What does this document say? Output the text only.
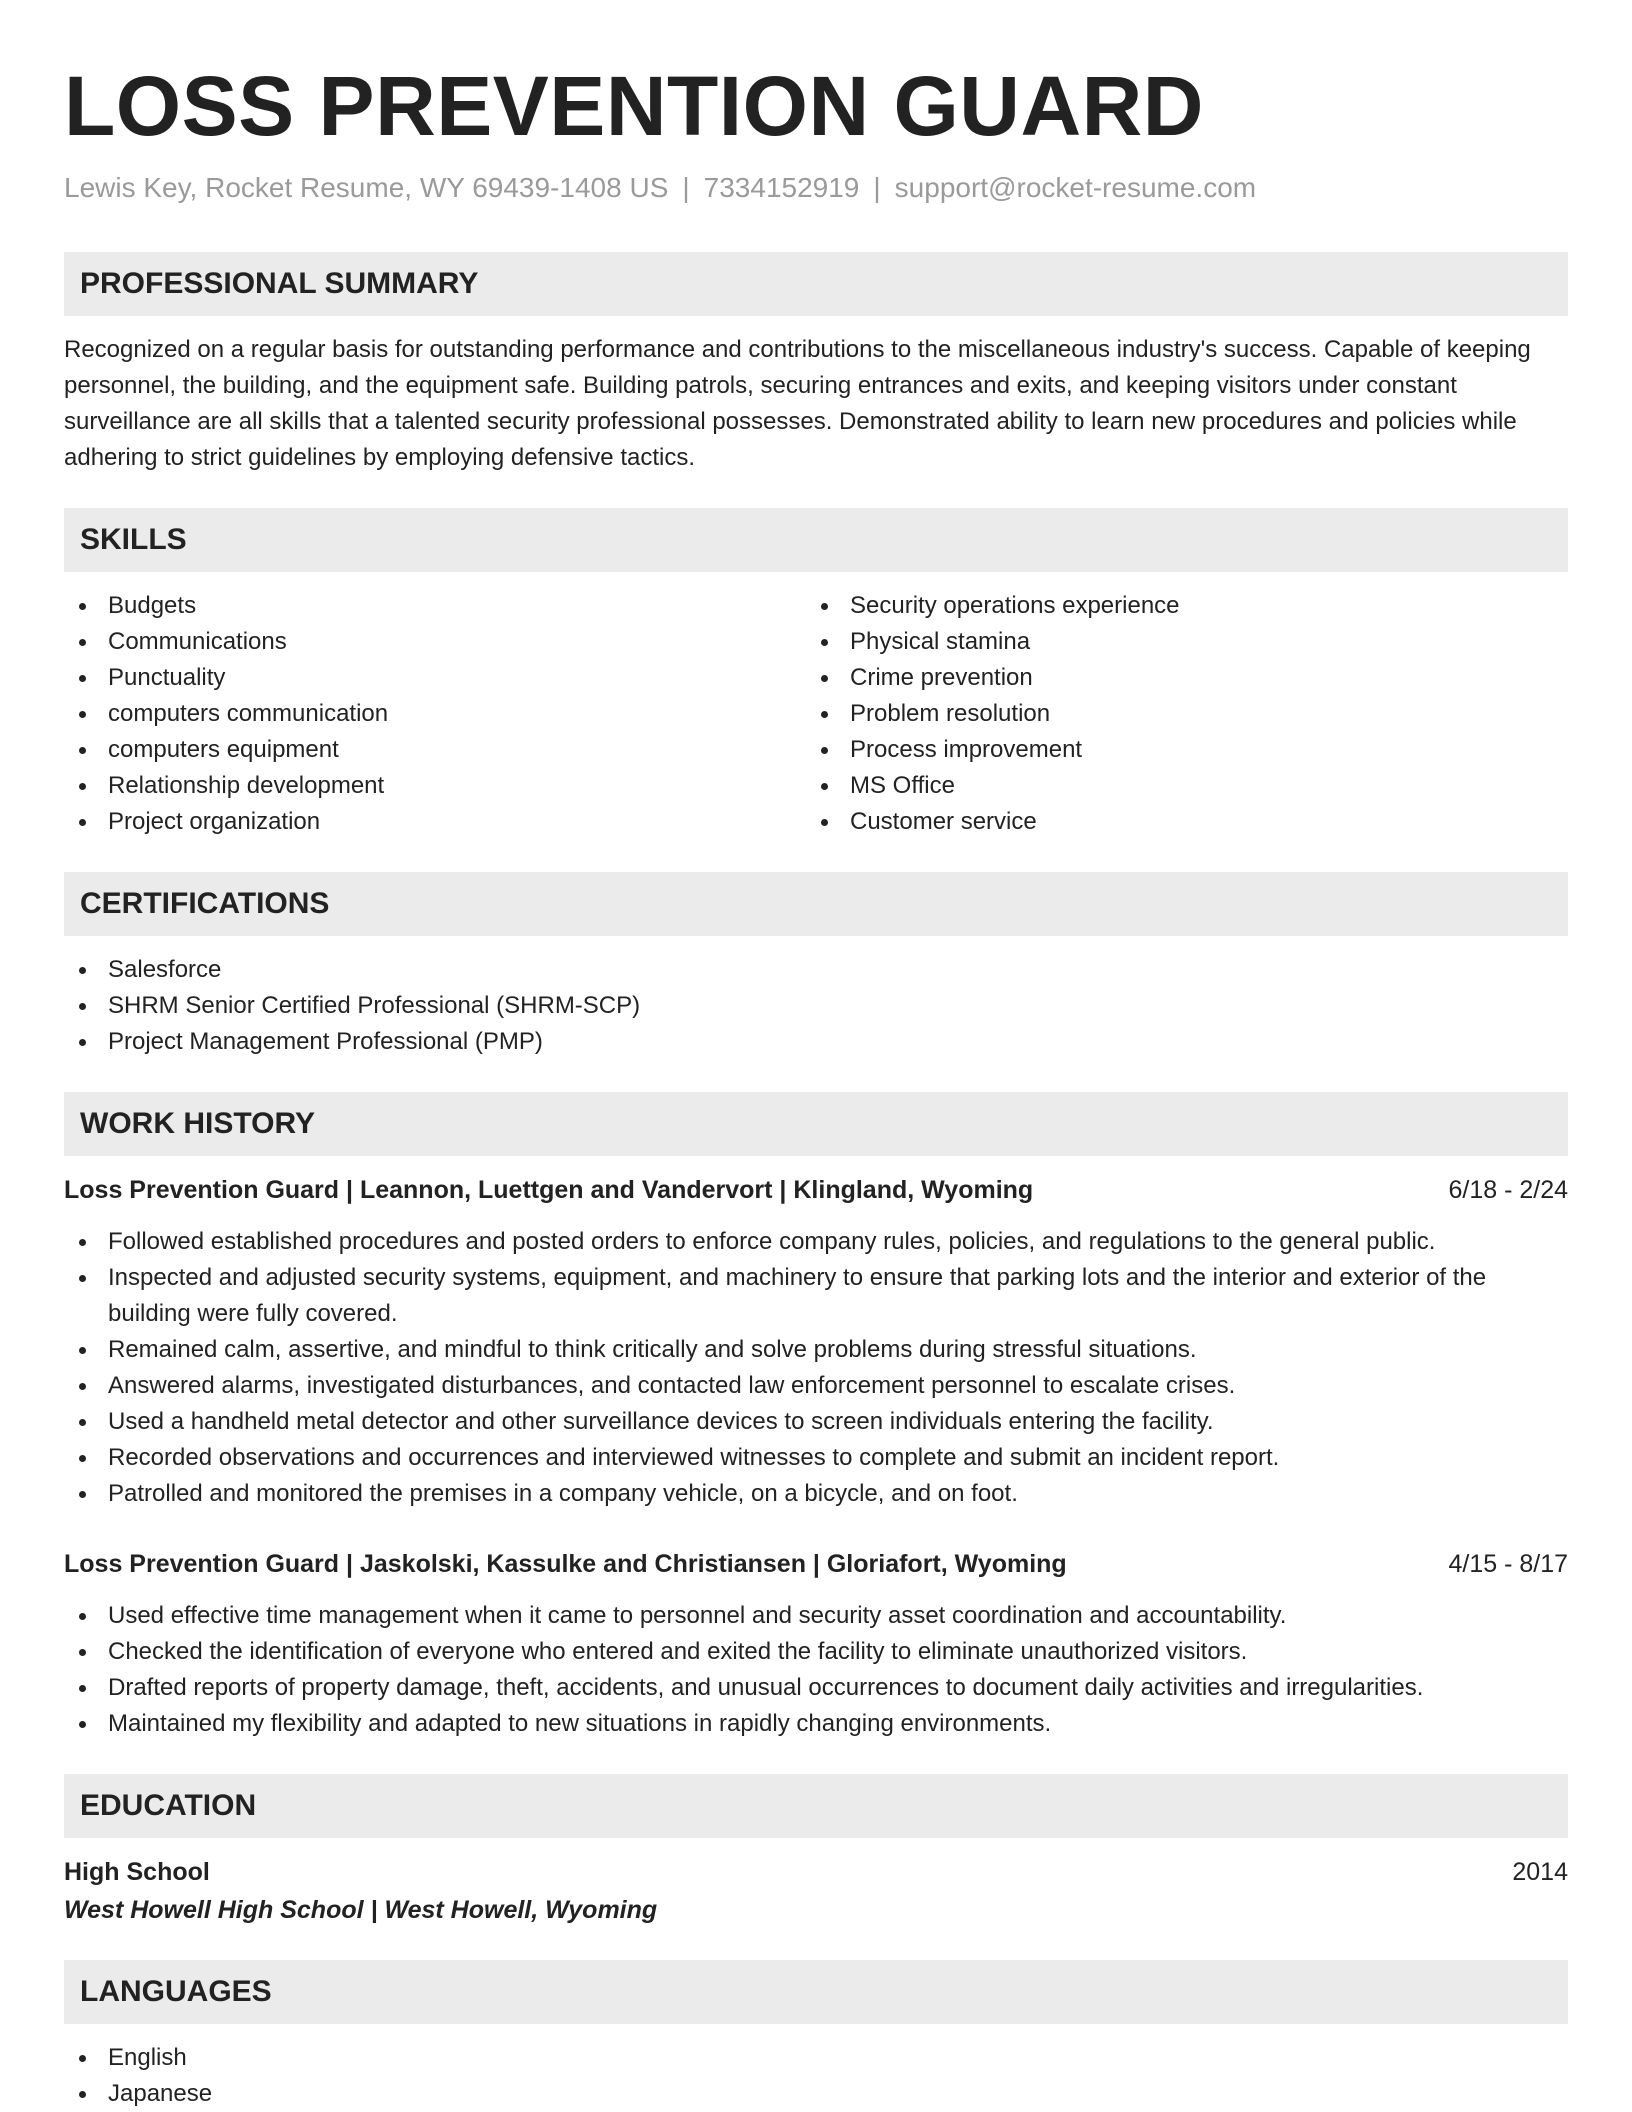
LOSS PREVENTION GUARD
Lewis Key, Rocket Resume, WY 69439-1408 US | 7334152919 | support@rocket-resume.com
PROFESSIONAL SUMMARY

Recognized on a regular basis for outstanding performance and contributions to the miscellaneous industry's success. Capable of keeping personnel, the building, and the equipment safe. Building patrols, securing entrances and exits, and keeping visitors under constant surveillance are all skills that a talented security professional possesses. Demonstrated ability to learn new procedures and policies while adhering to strict guidelines by employing defensive tactics.

SKILLS
Budgets
Communications
Punctuality
computers communication
computers equipment
Relationship development
Project organization
Security operations experience
Physical stamina
Crime prevention
Problem resolution
Process improvement
MS Office
Customer service
CERTIFICATIONS
Salesforce
SHRM Senior Certified Professional (SHRM-SCP)
Project Management Professional (PMP)
WORK HISTORY
Loss Prevention Guard | Leannon, Luettgen and Vandervort | Klingland, Wyoming	6/18 - 2/24
Followed established procedures and posted orders to enforce company rules, policies, and regulations to the general public.
Inspected and adjusted security systems, equipment, and machinery to ensure that parking lots and the interior and exterior of the building were fully covered.
Remained calm, assertive, and mindful to think critically and solve problems during stressful situations.
Answered alarms, investigated disturbances, and contacted law enforcement personnel to escalate crises.
Used a handheld metal detector and other surveillance devices to screen individuals entering the facility.
Recorded observations and occurrences and interviewed witnesses to complete and submit an incident report.
Patrolled and monitored the premises in a company vehicle, on a bicycle, and on foot.
Loss Prevention Guard | Jaskolski, Kassulke and Christiansen | Gloriafort, Wyoming	4/15 - 8/17
Used effective time management when it came to personnel and security asset coordination and accountability.
Checked the identification of everyone who entered and exited the facility to eliminate unauthorized visitors.
Drafted reports of property damage, theft, accidents, and unusual occurrences to document daily activities and irregularities.
Maintained my flexibility and adapted to new situations in rapidly changing environments.
EDUCATION
High School	2014
West Howell High School | West Howell, Wyoming
LANGUAGES
English
Japanese
